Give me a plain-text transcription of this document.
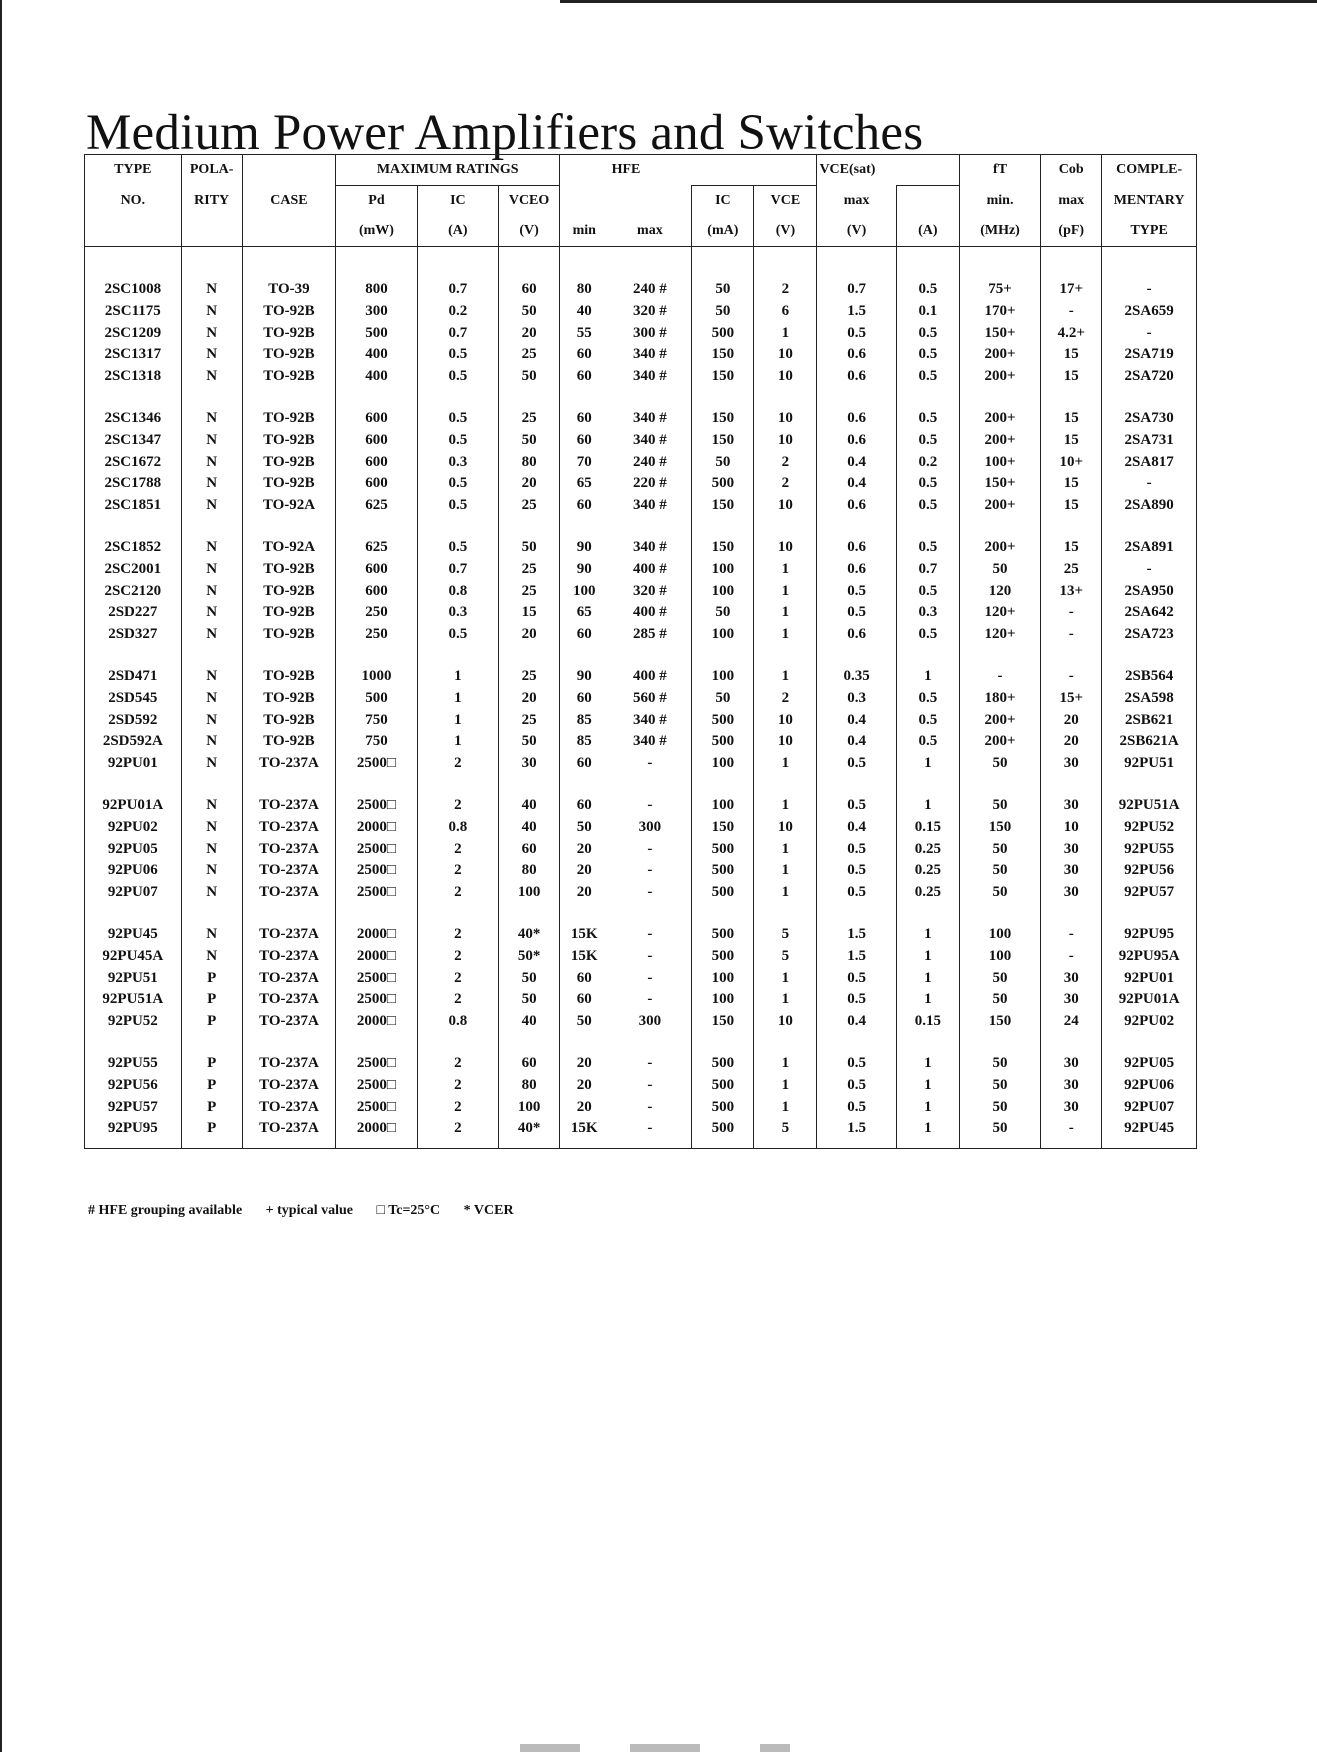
Medium Power Amplifiers and Switches
TYPE	POLA-		MAXIMUM RATINGS			HFE				VCE(sat)		fT	Cob	COMPLE-
NO.	RITY	CASE	Pd	IC	VCEO			IC	VCE	max		min.	max	MENTARY
			(mW)	(A)	(V)	min	max	(mA)	(V)	(V)	(A)	(MHz)	(pF)	TYPE

2SC1008	N	TO-39	800	0.7	60	80	240 #	50	2	0.7	0.5	75+	17+	-
2SC1175	N	TO-92B	300	0.2	50	40	320 #	50	6	1.5	0.1	170+	-	2SA659
2SC1209	N	TO-92B	500	0.7	20	55	300 #	500	1	0.5	0.5	150+	4.2+	-
2SC1317	N	TO-92B	400	0.5	25	60	340 #	150	10	0.6	0.5	200+	15	2SA719
2SC1318	N	TO-92B	400	0.5	50	60	340 #	150	10	0.6	0.5	200+	15	2SA720

2SC1346	N	TO-92B	600	0.5	25	60	340 #	150	10	0.6	0.5	200+	15	2SA730
2SC1347	N	TO-92B	600	0.5	50	60	340 #	150	10	0.6	0.5	200+	15	2SA731
2SC1672	N	TO-92B	600	0.3	80	70	240 #	50	2	0.4	0.2	100+	10+	2SA817
2SC1788	N	TO-92B	600	0.5	20	65	220 #	500	2	0.4	0.5	150+	15	-
2SC1851	N	TO-92A	625	0.5	25	60	340 #	150	10	0.6	0.5	200+	15	2SA890

2SC1852	N	TO-92A	625	0.5	50	90	340 #	150	10	0.6	0.5	200+	15	2SA891
2SC2001	N	TO-92B	600	0.7	25	90	400 #	100	1	0.6	0.7	50	25	-
2SC2120	N	TO-92B	600	0.8	25	100	320 #	100	1	0.5	0.5	120	13+	2SA950
2SD227	N	TO-92B	250	0.3	15	65	400 #	50	1	0.5	0.3	120+	-	2SA642
2SD327	N	TO-92B	250	0.5	20	60	285 #	100	1	0.6	0.5	120+	-	2SA723

2SD471	N	TO-92B	1000	1	25	90	400 #	100	1	0.35	1	-	-	2SB564
2SD545	N	TO-92B	500	1	20	60	560 #	50	2	0.3	0.5	180+	15+	2SA598
2SD592	N	TO-92B	750	1	25	85	340 #	500	10	0.4	0.5	200+	20	2SB621
2SD592A	N	TO-92B	750	1	50	85	340 #	500	10	0.4	0.5	200+	20	2SB621A
92PU01	N	TO-237A	2500□	2	30	60	-	100	1	0.5	1	50	30	92PU51

92PU01A	N	TO-237A	2500□	2	40	60	-	100	1	0.5	1	50	30	92PU51A
92PU02	N	TO-237A	2000□	0.8	40	50	300	150	10	0.4	0.15	150	10	92PU52
92PU05	N	TO-237A	2500□	2	60	20	-	500	1	0.5	0.25	50	30	92PU55
92PU06	N	TO-237A	2500□	2	80	20	-	500	1	0.5	0.25	50	30	92PU56
92PU07	N	TO-237A	2500□	2	100	20	-	500	1	0.5	0.25	50	30	92PU57

92PU45	N	TO-237A	2000□	2	40*	15K	-	500	5	1.5	1	100	-	92PU95
92PU45A	N	TO-237A	2000□	2	50*	15K	-	500	5	1.5	1	100	-	92PU95A
92PU51	P	TO-237A	2500□	2	50	60	-	100	1	0.5	1	50	30	92PU01
92PU51A	P	TO-237A	2500□	2	50	60	-	100	1	0.5	1	50	30	92PU01A
92PU52	P	TO-237A	2000□	0.8	40	50	300	150	10	0.4	0.15	150	24	92PU02

92PU55	P	TO-237A	2500□	2	60	20	-	500	1	0.5	1	50	30	92PU05
92PU56	P	TO-237A	2500□	2	80	20	-	500	1	0.5	1	50	30	92PU06
92PU57	P	TO-237A	2500□	2	100	20	-	500	1	0.5	1	50	30	92PU07
92PU95	P	TO-237A	2000□	2	40*	15K	-	500	5	1.5	1	50	-	92PU45

# HFE grouping available + typical value □ Tc=25°C * VCER
